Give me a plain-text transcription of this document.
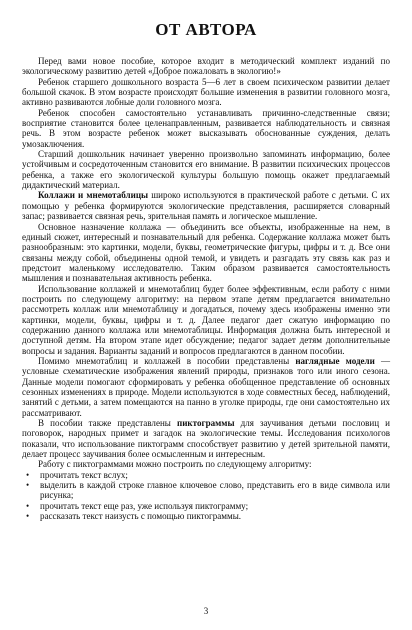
ОТ АВТОРА

Перед вами новое пособие, которое входит в методический комплект изданий по экологическому развитию детей «Доброе пожаловать в экологию!»

Ребенок старшего дошкольного возраста 5—6 лет в своем психическом развитии делает большой скачок. В этом возрасте происходят большие изменения в развитии головного мозга, активно развиваются лобные доли головного мозга.

Ребенок способен самостоятельно устанавливать причинно-следственные связи; восприятие становится более целенаправленным, развивается наблюдательность и связная речь. В этом возрасте ребенок может высказывать обоснованные суждения, делать умозаключения.

Старший дошкольник начинает уверенно произвольно запоминать информацию, более устойчивым и сосредоточенным становится его внимание. В развитии психических процессов ребенка, а также его экологической культуры большую помощь окажет предлагаемый дидактический материал.

Коллажи и мнемотаблицы широко используются в практической работе с детьми. С их помощью у ребенка формируются экологические представления, расширяется словарный запас; развивается связная речь, зрительная память и логическое мышление.

Основное назначение коллажа — объединить все объекты, изображенные на нем, в единый сюжет, интересный и познавательный для ребенка. Содержание коллажа может быть разнообразным: это картинки, модели, буквы, геометрические фигуры, цифры и т. д. Все они связаны между собой, объединены одной темой, и увидеть и разгадать эту связь как раз и предстоит маленькому исследователю. Таким образом развивается самостоятельность мышления и познавательная активность ребенка.

Использование коллажей и мнемотаблиц будет более эффективным, если работу с ними построить по следующему алгоритму: на первом этапе детям предлагается внимательно рассмотреть коллаж или мнемотаблицу и догадаться, почему здесь изображены именно эти картинки, модели, буквы, цифры и т. д. Далее педагог дает сжатую информацию по содержанию данного коллажа или мнемотаблицы. Информация должна быть интересной и доступной детям. На втором этапе идет обсуждение; педагог задает детям дополнительные вопросы и задания. Варианты заданий и вопросов предлагаются в данном пособии.

Помимо мнемотаблиц и коллажей в пособии представлены наглядные модели — условные схематические изображения явлений природы, признаков того или иного сезона. Данные модели помогают сформировать у ребенка обобщенное представление об основных сезонных изменениях в природе. Модели используются в ходе совместных бесед, наблюдений, занятий с детьми, а затем помещаются на панно в уголке природы, где они самостоятельно их рассматривают.

В пособии также представлены пиктограммы для заучивания детьми пословиц и поговорок, народных примет и загадок на экологические темы. Исследования психологов показали, что использование пиктограмм способствует развитию у детей зрительной памяти, делает процесс заучивания более осмысленным и интересным.

Работу с пиктограммами можно построить по следующему алгоритму:

• прочитать текст вслух;
• выделить в каждой строке главное ключевое слово, представить его в виде символа или рисунка;
• прочитать текст еще раз, уже используя пиктограмму;
• рассказать текст наизусть с помощью пиктограммы.
3
